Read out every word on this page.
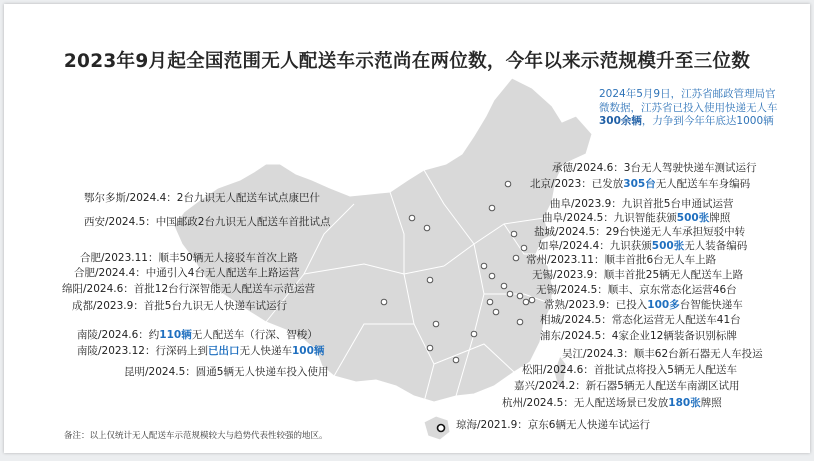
2023年9月起全国范围无人配送车示范尚在两位数，今年以来示范规模升至三位数
2024年5月9日，江苏省邮政管理局官微数据，江苏省已投入使用快递无人车300余辆，力争到今年年底达1000辆
鄂尔多斯/2024.4：2台九识无人配送车试点康巴什
西安/2024.5：中国邮政2台九识无人配送车首批试点
合肥/2023.11：顺丰50辆无人接驳车首次上路
合肥/2024.4：中通引入4台无人配送车上路运营
绵阳/2024.6：首批12台行深智能无人配送车示范运营
成都/2023.9：首批5台九识无人快递车试运行
南陵/2024.6：约110辆无人配送车（行深、智梭）
南陵/2023.12：行深码上到已出口无人快递车100辆
昆明/2024.5：圆通5辆无人快递车投入使用
承德/2024.6：3台无人驾驶快递车测试运行
北京/2023：已发放305台无人配送车车身编码
曲阜/2023.9：九识首批5台申通试运营
曲阜/2024.5：九识智能获颁500张牌照
盐城/2024.5：29台快递无人车承担短驳中转
如皋/2024.4：九识获颁500张无人装备编码
常州/2023.11：顺丰首批6台无人车上路
无锡/2023.9：顺丰首批25辆无人配送车上路
无锡/2024.5：顺丰、京东常态化运营46台
常熟/2023.9：已投入100多台智能快递车
相城/2024.5：常态化运营无人配送车41台
浦东/2024.5：4家企业12辆装备识别标牌
吴江/2024.3：顺丰62台新石器无人车投运
松阳/2024.6：首批试点将投入5辆无人配送车
嘉兴/2024.2：新石器5辆无人配送车南湖区试用
杭州/2024.5：无人配送场景已发放180张牌照
琼海/2021.9：京东6辆无人快递车试运行
备注：以上仅统计无人配送车示范规模较大与趋势代表性较强的地区。
